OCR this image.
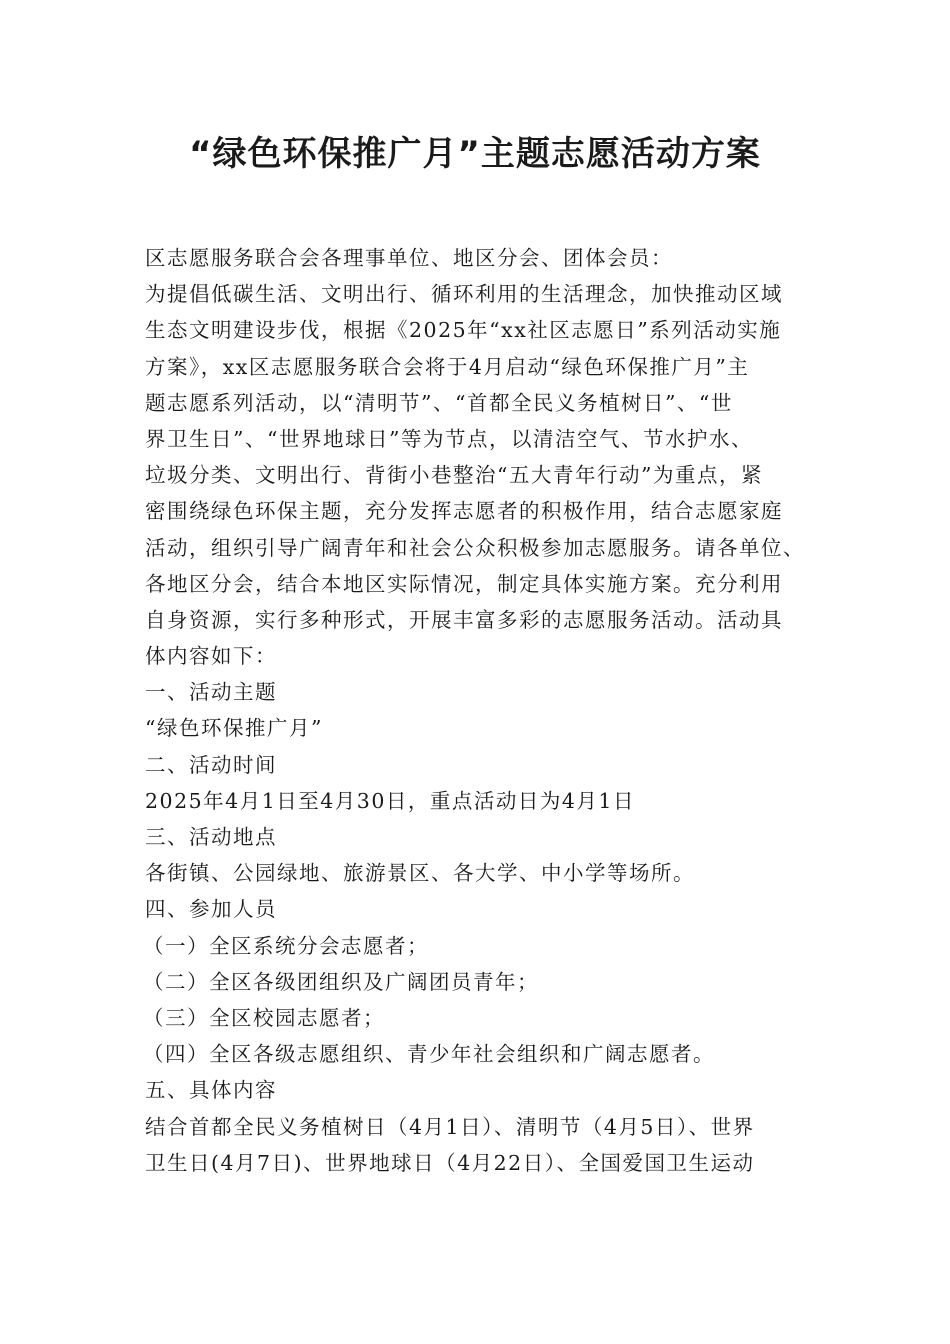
“绿色环保推广月”主题志愿活动方案
区志愿服务联合会各理事单位、地区分会、团体会员：
为提倡低碳生活、文明出行、循环利用的生活理念，加快推动区域
生态文明建设步伐，根据《2025年“xx社区志愿日”系列活动实施
方案》，xx区志愿服务联合会将于4月启动“绿色环保推广月”主
题志愿系列活动，以“清明节”、“首都全民义务植树日”、“世
界卫生日”、“世界地球日”等为节点，以清洁空气、节水护水、
垃圾分类、文明出行、背街小巷整治“五大青年行动”为重点，紧
密围绕绿色环保主题，充分发挥志愿者的积极作用，结合志愿家庭
活动，组织引导广阔青年和社会公众积极参加志愿服务。请各单位、
各地区分会，结合本地区实际情况，制定具体实施方案。充分利用
自身资源，实行多种形式，开展丰富多彩的志愿服务活动。活动具
体内容如下：
一、活动主题
“绿色环保推广月”
二、活动时间
2025年4月1日至4月30日，重点活动日为4月1日
三、活动地点
各街镇、公园绿地、旅游景区、各大学、中小学等场所。
四、参加人员
（一）全区系统分会志愿者；
（二）全区各级团组织及广阔团员青年；
（三）全区校园志愿者；
（四）全区各级志愿组织、青少年社会组织和广阔志愿者。
五、具体内容
结合首都全民义务植树日（4月1日）、清明节（4月5日）、世界
卫生日(4月7日)、世界地球日（4月22日）、全国爱国卫生运动
